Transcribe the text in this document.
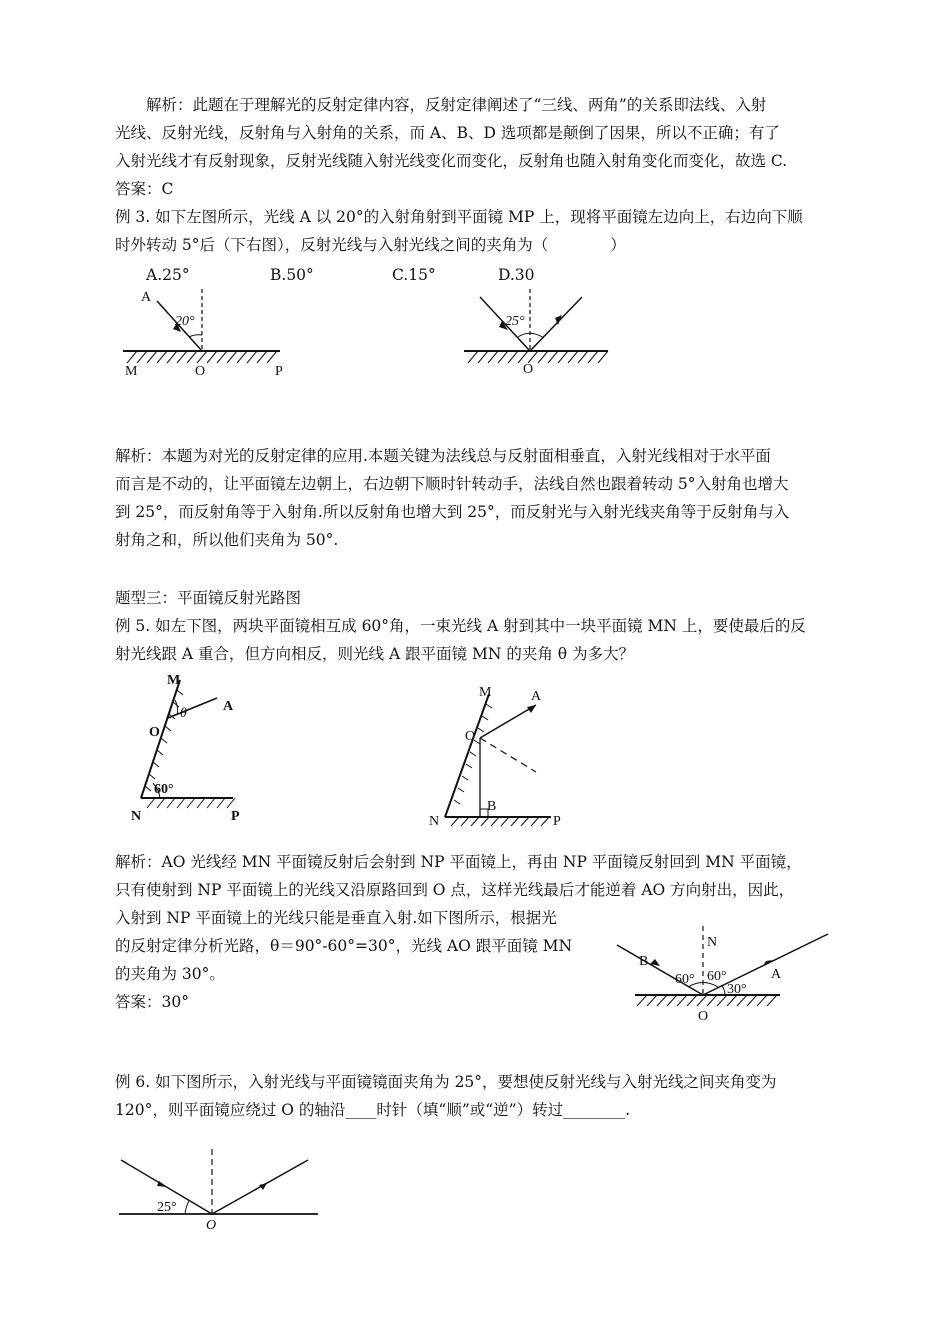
　　解析：此题在于理解光的反射定律内容，反射定律阐述了“三线、两角”的关系即法线、入射
光线、反射光线，反射角与入射角的关系，而 A、B、D 选项都是颠倒了因果，所以不正确；有了
入射光线才有反射现象，反射光线随入射光线变化而变化，反射角也随入射角变化而变化，故选 C.
答案：C
例 3. 如下左图所示，光线 A 以 20°的入射角射到平面镜 MP 上，现将平面镜左边向上，右边向下顺
时外转动 5°后（下右图），反射光线与入射光线之间的夹角为（　　　　）
A.25°	B.50°	C.15°	D.30
A
20°
M	O	P
25°
O
解析：本题为对光的反射定律的应用.本题关键为法线总与反射面相垂直，入射光线相对于水平面
而言是不动的，让平面镜左边朝上，右边朝下顺时针转动手，法线自然也跟着转动 5°入射角也增大
到 25°，而反射角等于入射角.所以反射角也增大到 25°，而反射光与入射光线夹角等于反射角与入
射角之和，所以他们夹角为 50°.
题型三：平面镜反射光路图
例 5. 如左下图，两块平面镜相互成 60°角，一束光线 A 射到其中一块平面镜 MN 上，要使最后的反
射光线跟 A 重合，但方向相反，则光线 A 跟平面镜 MN 的夹角 θ 为多大？
M
A
O
θ
60°
N	P
M	A
O
B
N	P
解析：AO 光线经 MN 平面镜反射后会射到 NP 平面镜上，再由 NP 平面镜反射回到 MN 平面镜，
只有使射到 NP 平面镜上的光线又沿原路回到 O 点，这样光线最后才能逆着 AO 方向射出，因此，
入射到 NP 平面镜上的光线只能是垂直入射.如下图所示，根据光
的反射定律分析光路，θ＝90°-60°=30°，光线 AO 跟平面镜 MN
的夹角为 30°。
答案：30°
B
N
A
60° 60°
30°
O
例 6. 如下图所示，入射光线与平面镜镜面夹角为 25°，要想使反射光线与入射光线之间夹角变为
120°，则平面镜应绕过 O 的轴沿____时针（填“顺”或“逆”）转过________.
25°
O
